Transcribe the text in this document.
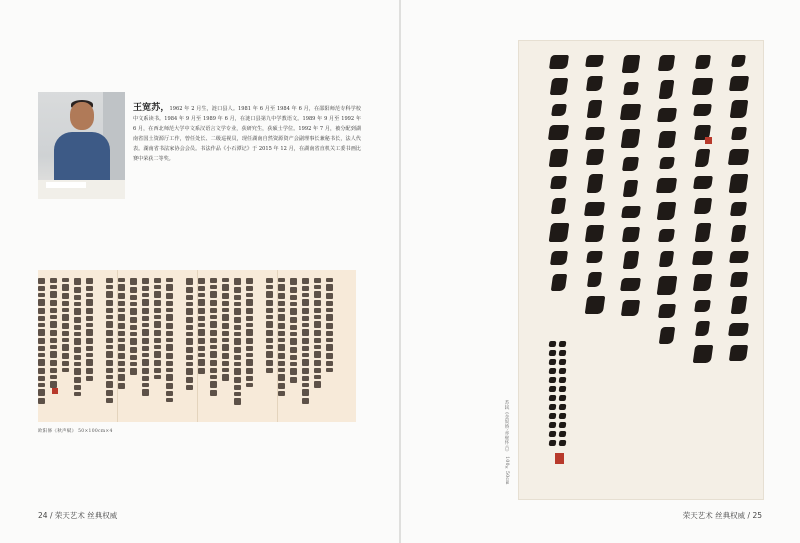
王宽苏，1962 年 2 月生，涟口县人。1981 年 6 月至 1984 年 6 月，在邵阳师范专科学校中文系读书。1984 年 9 月至 1989 年 6 月，在涟口县第九中学教语文。1989 年 9 月至 1992 年 6 月，在西北师范大学中文系汉语言文学专业，获研究生，获硕士学位。1992 年 7 月，被分配到湖南省国土资源厅工作，曾任处长、二级巡视员，现任湖南自然资源资产会副理事长兼秘书长，法人代表。湖南省书法家协会会员。书法作品《小石潭记》于 2015 年 12 月，在湖南省直机关工委书画比赛中荣获二等奖。
欧阳修《秋声赋》 50×100cm×4
24 / 荣天艺术 丝典权威	荣天艺术 丝典权威 / 25
苏轼《念奴娇·赤壁怀古》 100×50cm
